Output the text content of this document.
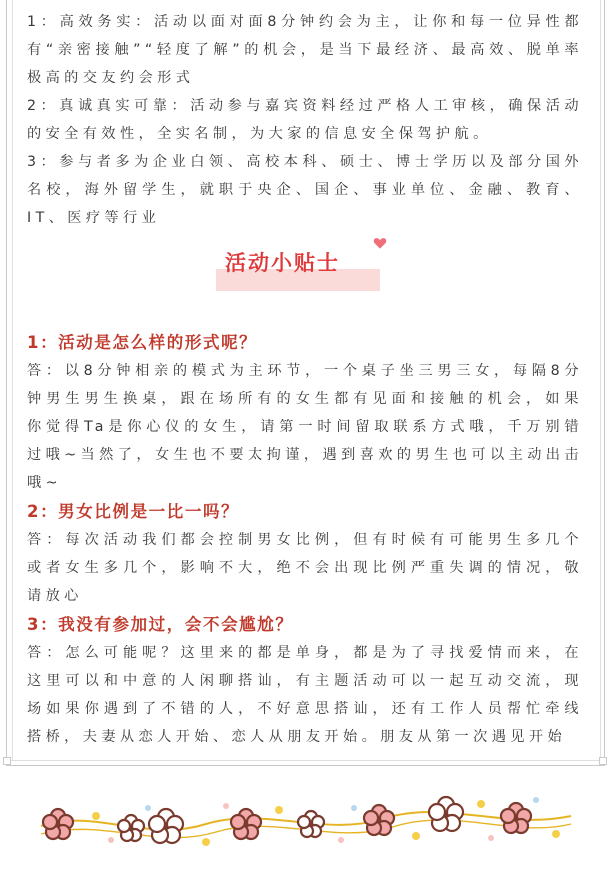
1：高效务实：活动以面对面8分钟约会为主，让你和每一位异性都有“亲密接触”“轻度了解”的机会，是当下最经济、最高效、脱单率极高的交友约会形式

2：真诚真实可靠：活动参与嘉宾资料经过严格人工审核，确保活动的安全有效性，全实名制，为大家的信息安全保驾护航。

3：参与者多为企业白领、高校本科、硕士、博士学历以及部分国外名校，海外留学生，就职于央企、国企、事业单位、金融、教育、IT、医疗等行业

活动小贴士

1：活动是怎么样的形式呢？

答：以8分钟相亲的模式为主环节，一个桌子坐三男三女，每隔8分钟男生男生换桌，跟在场所有的女生都有见面和接触的机会，如果你觉得Ta是你心仪的女生，请第一时间留取联系方式哦，千万别错过哦~当然了，女生也不要太拘谨，遇到喜欢的男生也可以主动出击哦~

2：男女比例是一比一吗？

答：每次活动我们都会控制男女比例，但有时候有可能男生多几个或者女生多几个，影响不大，绝不会出现比例严重失调的情况，敬请放心

3：我没有参加过，会不会尴尬？

答：怎么可能呢？这里来的都是单身，都是为了寻找爱情而来，在这里可以和中意的人闲聊搭讪，有主题活动可以一起互动交流，现场如果你遇到了不错的人，不好意思搭讪，还有工作人员帮忙牵线搭桥，夫妻从恋人开始、恋人从朋友开始。朋友从第一次遇见开始
